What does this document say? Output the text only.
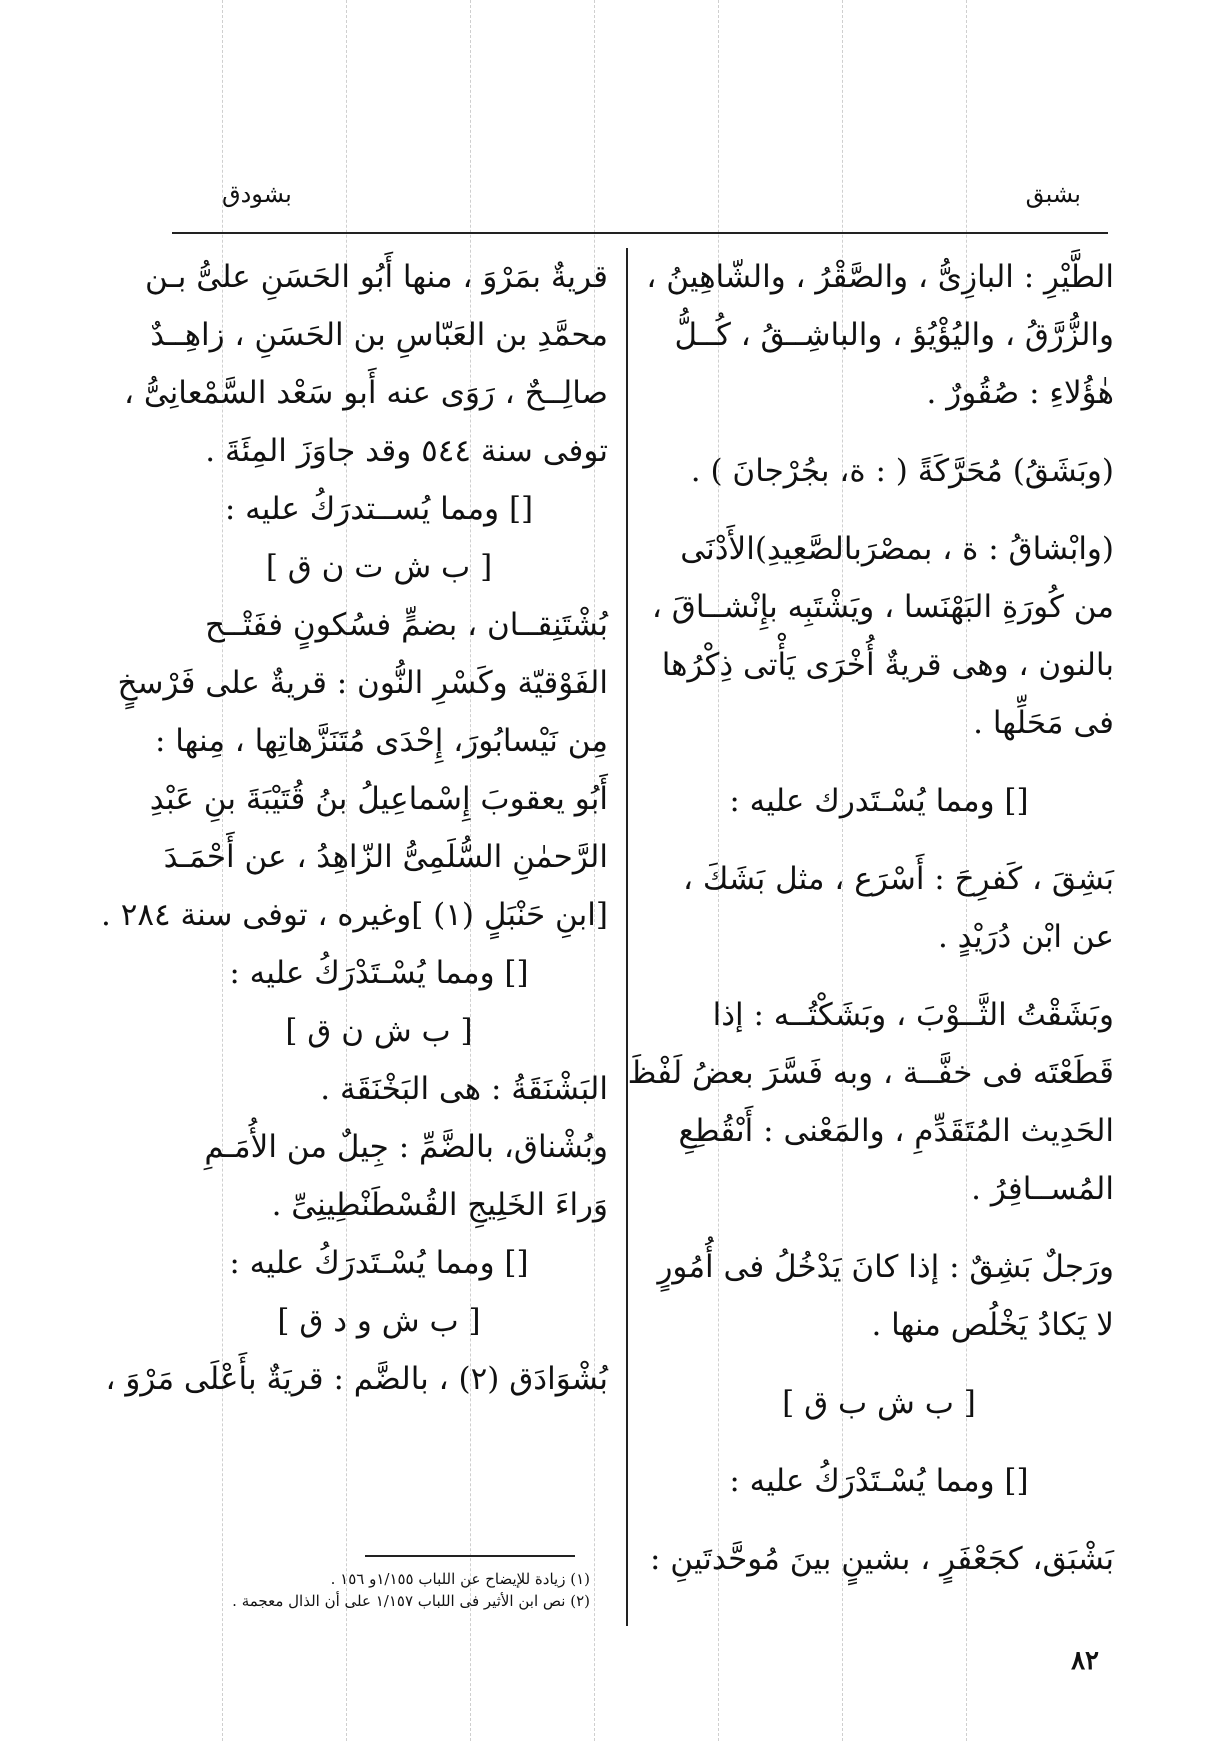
بشبق
بشودق
الطَّيْرِ : البازِىُّ ، والصَّقْرُ ، والشّاهِينُ ،
والزُّرَّقُ ، واليُؤْيُؤ ، والباشِــقُ ، كُــلُّ
هٰؤُلاءِ : صُقُورٌ .
(وبَشَقُ) مُحَرَّكَةً ( : ة، بجُرْجانَ ) .
(وابْشاقُ : ة ، بمصْرَبالصَّعِيدِ)الأَدْنَى
من كُورَةِ البَهْنَسا ، ويَشْتَبِه بإِنْشــاقَ ،
بالنون ، وهى قريةٌ أُخْرَى يَأْتى ذِكْرُها
فى مَحَلِّها .
[] ومما يُسْـتَدرك عليه :
بَشِقَ ، كَفرِحَ : أَسْرَع ، مثل بَشَكَ ،
عن ابْن دُرَيْدٍ .
وبَشَقْتُ الثَّــوْبَ ، وبَشَكْتُــه : إذا
قَطَعْتَه فى خفَّــة ، وبه فَسَّرَ بعضُ لَفْظَ
الحَدِيث المُتَقَدِّمِ ، والمَعْنى : أَىْقُطِعِ
المُســافِرُ .
ورَجلٌ بَشِقٌ : إذا كانَ يَدْخُلُ فى أُمُورٍ
لا يَكادُ يَخْلُص منها .
[ ب ش ب ق ]
[] ومما يُسْـتَدْرَكُ عليه :
بَشْبَق، كجَعْفَرٍ ، بشينٍ بينَ مُوحَّدتَينِ :
قريةٌ بمَرْوَ ، منها أَبُو الحَسَنِ علىُّ بـن
محمَّدِ بن العَبّاسِ بن الحَسَنِ ، زاهِــدٌ
صالِــحٌ ، رَوَى عنه أَبو سَعْد السَّمْعانِىُّ ،
توفى سنة ٥٤٤ وقد جاوَزَ المِئَةَ .
[] ومما يُســتدرَكُ عليه :
[ ب ش ت ن ق ]
بُشْتَنِقــان ، بضمٍّ فسُكونٍ ففَتْــح
الفَوْقيّة وكَسْرِ النُّون : قريةٌ على فَرْسخٍ
مِن نَيْسابُورَ، إِحْدَى مُتَنَزَّهاتِها ، مِنها :
أَبُو يعقوبَ إِسْماعِيلُ بنُ قُتَيْبَةَ بنِ عَبْدِ
الرَّحمٰنِ السُّلَمِىُّ الزّاهِدُ ، عن أَحْمَـدَ
[ابنِ حَنْبَلٍ (١) ]وغيره ، توفى سنة ٢٨٤ .
[] ومما يُسْـتَدْرَكُ عليه :
[ ب ش ن ق ]
البَشْنَقَةُ : هى البَخْنَقَة .
وبُشْناق، بالضَّمِّ : جِيلٌ من الأُمَـمِ
وَراءَ الخَلِيجِ القُسْطَنْطِينِىِّ .
[] ومما يُسْـتَدرَكُ عليه :
[ ب ش و د ق ]
بُشْوَادَق (٢) ، بالضَّم : قريَةٌ بأَعْلَى مَرْوَ ،
(١) زيادة للإيضاح عن اللباب ١/١٥٥و ١٥٦ .
(٢) نص ابن الأثير فى اللباب ١/١٥٧ على أن الذال معجمة .
٨٢
